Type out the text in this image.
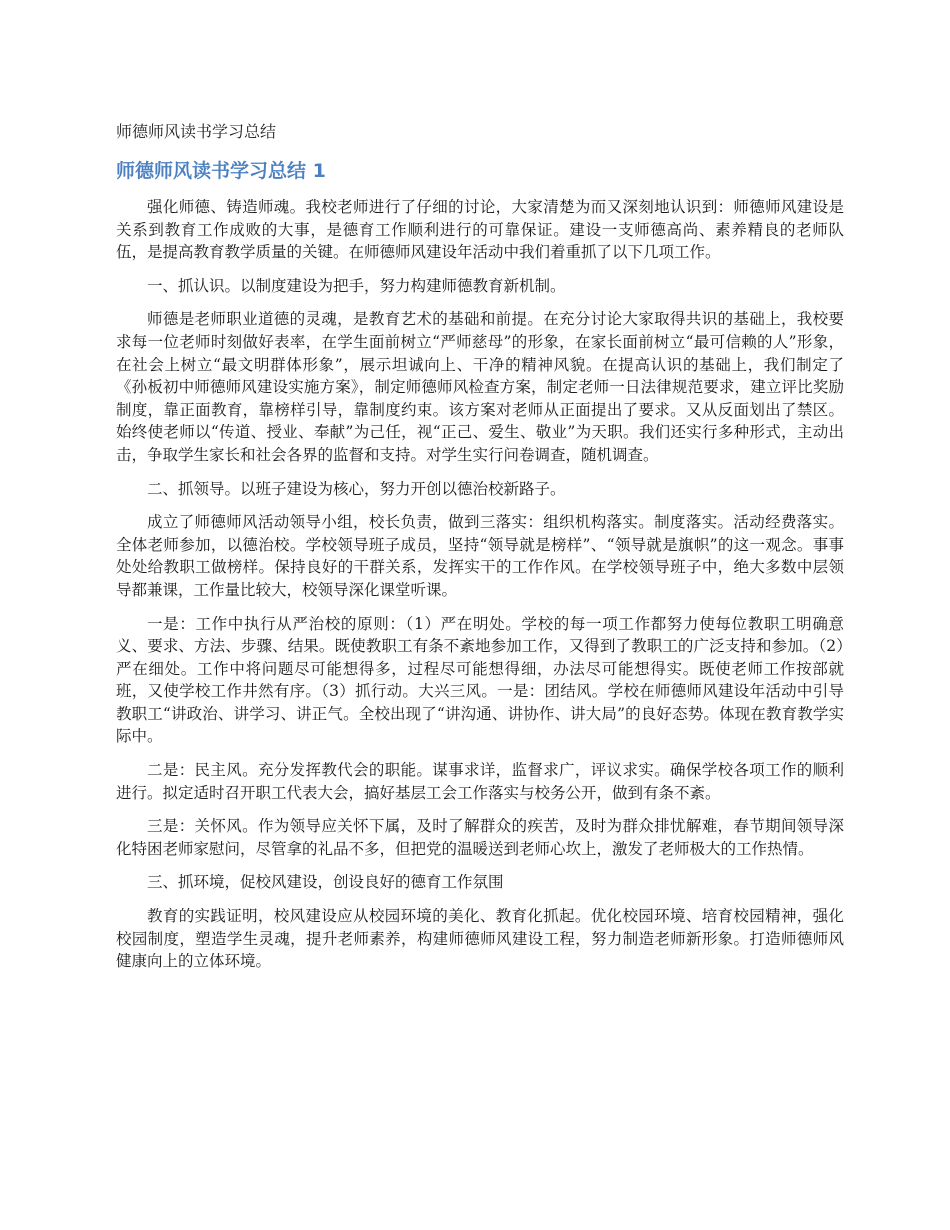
师德师风读书学习总结
师德师风读书学习总结 1

强化师德、铸造师魂。我校老师进行了仔细的讨论，大家清楚为而又深刻地认识到：师德师风建设是关系到教育工作成败的大事，是德育工作顺利进行的可靠保证。建设一支师德高尚、素养精良的老师队伍，是提高教育教学质量的关键。在师德师风建设年活动中我们着重抓了以下几项工作。

一、抓认识。以制度建设为把手，努力构建师德教育新机制。

师德是老师职业道德的灵魂，是教育艺术的基础和前提。在充分讨论大家取得共识的基础上，我校要求每一位老师时刻做好表率，在学生面前树立“严师慈母”的形象，在家长面前树立“最可信赖的人”形象，在社会上树立“最文明群体形象”，展示坦诚向上、干净的精神风貌。在提高认识的基础上，我们制定了《孙板初中师德师风建设实施方案》，制定师德师风检查方案，制定老师一日法律规范要求，建立评比奖励制度，靠正面教育，靠榜样引导，靠制度约束。该方案对老师从正面提出了要求。又从反面划出了禁区。始终使老师以“传道、授业、奉献”为己任，视“正己、爱生、敬业”为天职。我们还实行多种形式，主动出击，争取学生家长和社会各界的监督和支持。对学生实行问卷调查，随机调查。

二、抓领导。以班子建设为核心，努力开创以德治校新路子。

成立了师德师风活动领导小组，校长负责，做到三落实：组织机构落实。制度落实。活动经费落实。全体老师参加，以德治校。学校领导班子成员，坚持“领导就是榜样”、“领导就是旗帜”的这一观念。事事处处给教职工做榜样。保持良好的干群关系，发挥实干的工作作风。在学校领导班子中，绝大多数中层领导都兼课，工作量比较大，校领导深化课堂听课。

一是：工作中执行从严治校的原则：（1）严在明处。学校的每一项工作都努力使每位教职工明确意义、要求、方法、步骤、结果。既使教职工有条不紊地参加工作，又得到了教职工的广泛支持和参加。（2）严在细处。工作中将问题尽可能想得多，过程尽可能想得细，办法尽可能想得实。既使老师工作按部就班，又使学校工作井然有序。（3）抓行动。大兴三风。一是：团结风。学校在师德师风建设年活动中引导教职工“讲政治、讲学习、讲正气。全校出现了“讲沟通、讲协作、讲大局”的良好态势。体现在教育教学实际中。

二是：民主风。充分发挥教代会的职能。谋事求详，监督求广，评议求实。确保学校各项工作的顺利进行。拟定适时召开职工代表大会，搞好基层工会工作落实与校务公开，做到有条不紊。

三是：关怀风。作为领导应关怀下属，及时了解群众的疾苦，及时为群众排忧解难，春节期间领导深化特困老师家慰问，尽管拿的礼品不多，但把党的温暖送到老师心坎上，激发了老师极大的工作热情。

三、抓环境，促校风建设，创设良好的德育工作氛围

教育的实践证明，校风建设应从校园环境的美化、教育化抓起。优化校园环境、培育校园精神，强化校园制度，塑造学生灵魂，提升老师素养，构建师德师风建设工程，努力制造老师新形象。打造师德师风健康向上的立体环境。
